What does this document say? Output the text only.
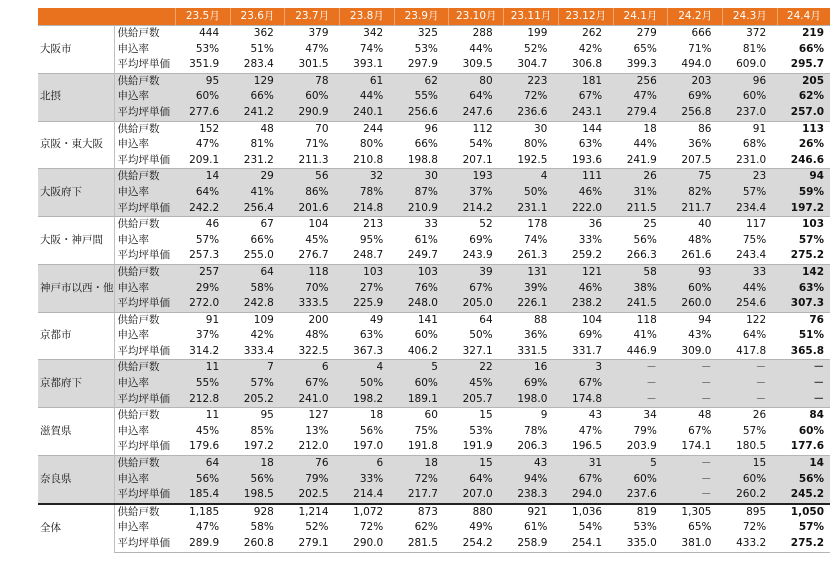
		23.5月	23.6月	23.7月	23.8月	23.9月	23.10月	23.11月	23.12月	24.1月	24.2月	24.3月	24.4月
大阪市	供給戸数	444	362	379	342	325	288	199	262	279	666	372	219
	申込率	53%	51%	47%	74%	53%	44%	52%	42%	65%	71%	81%	66%
	平均坪単価	351.9	283.4	301.5	393.1	297.9	309.5	304.7	306.8	399.3	494.0	609.0	295.7
北摂	供給戸数	95	129	78	61	62	80	223	181	256	203	96	205
	申込率	60%	66%	60%	44%	55%	64%	72%	67%	47%	69%	60%	62%
	平均坪単価	277.6	241.2	290.9	240.1	256.6	247.6	236.6	243.1	279.4	256.8	237.0	257.0
京阪・東大阪	供給戸数	152	48	70	244	96	112	30	144	18	86	91	113
	申込率	47%	81%	71%	80%	66%	54%	80%	63%	44%	36%	68%	26%
	平均坪単価	209.1	231.2	211.3	210.8	198.8	207.1	192.5	193.6	241.9	207.5	231.0	246.6
大阪府下	供給戸数	14	29	56	32	30	193	4	111	26	75	23	94
	申込率	64%	41%	86%	78%	87%	37%	50%	46%	31%	82%	57%	59%
	平均坪単価	242.2	256.4	201.6	214.8	210.9	214.2	231.1	222.0	211.5	211.7	234.4	197.2
大阪・神戸間	供給戸数	46	67	104	213	33	52	178	36	25	40	117	103
	申込率	57%	66%	45%	95%	61%	69%	74%	33%	56%	48%	75%	57%
	平均坪単価	257.3	255.0	276.7	248.7	249.7	243.9	261.3	259.2	266.3	261.6	243.4	275.2
神戸市以西・他	供給戸数	257	64	118	103	103	39	131	121	58	93	33	142
	申込率	29%	58%	70%	27%	76%	67%	39%	46%	38%	60%	44%	63%
	平均坪単価	272.0	242.8	333.5	225.9	248.0	205.0	226.1	238.2	241.5	260.0	254.6	307.3
京都市	供給戸数	91	109	200	49	141	64	88	104	118	94	122	76
	申込率	37%	42%	48%	63%	60%	50%	36%	69%	41%	43%	64%	51%
	平均坪単価	314.2	333.4	322.5	367.3	406.2	327.1	331.5	331.7	446.9	309.0	417.8	365.8
京都府下	供給戸数	11	7	6	4	5	22	16	3	－	－	－	－
	申込率	55%	57%	67%	50%	60%	45%	69%	67%	－	－	－	－
	平均坪単価	212.8	205.2	241.0	198.2	189.1	205.7	198.0	174.8	－	－	－	－
滋賀県	供給戸数	11	95	127	18	60	15	9	43	34	48	26	84
	申込率	45%	85%	13%	56%	75%	53%	78%	47%	79%	67%	57%	60%
	平均坪単価	179.6	197.2	212.0	197.0	191.8	191.9	206.3	196.5	203.9	174.1	180.5	177.6
奈良県	供給戸数	64	18	76	6	18	15	43	31	5	－	15	14
	申込率	56%	56%	79%	33%	72%	64%	94%	67%	60%	－	60%	56%
	平均坪単価	185.4	198.5	202.5	214.4	217.7	207.0	238.3	294.0	237.6	－	260.2	245.2
全体	供給戸数	1,185	928	1,214	1,072	873	880	921	1,036	819	1,305	895	1,050
	申込率	47%	58%	52%	72%	62%	49%	61%	54%	53%	65%	72%	57%
	平均坪単価	289.9	260.8	279.1	290.0	281.5	254.2	258.9	254.1	335.0	381.0	433.2	275.2
